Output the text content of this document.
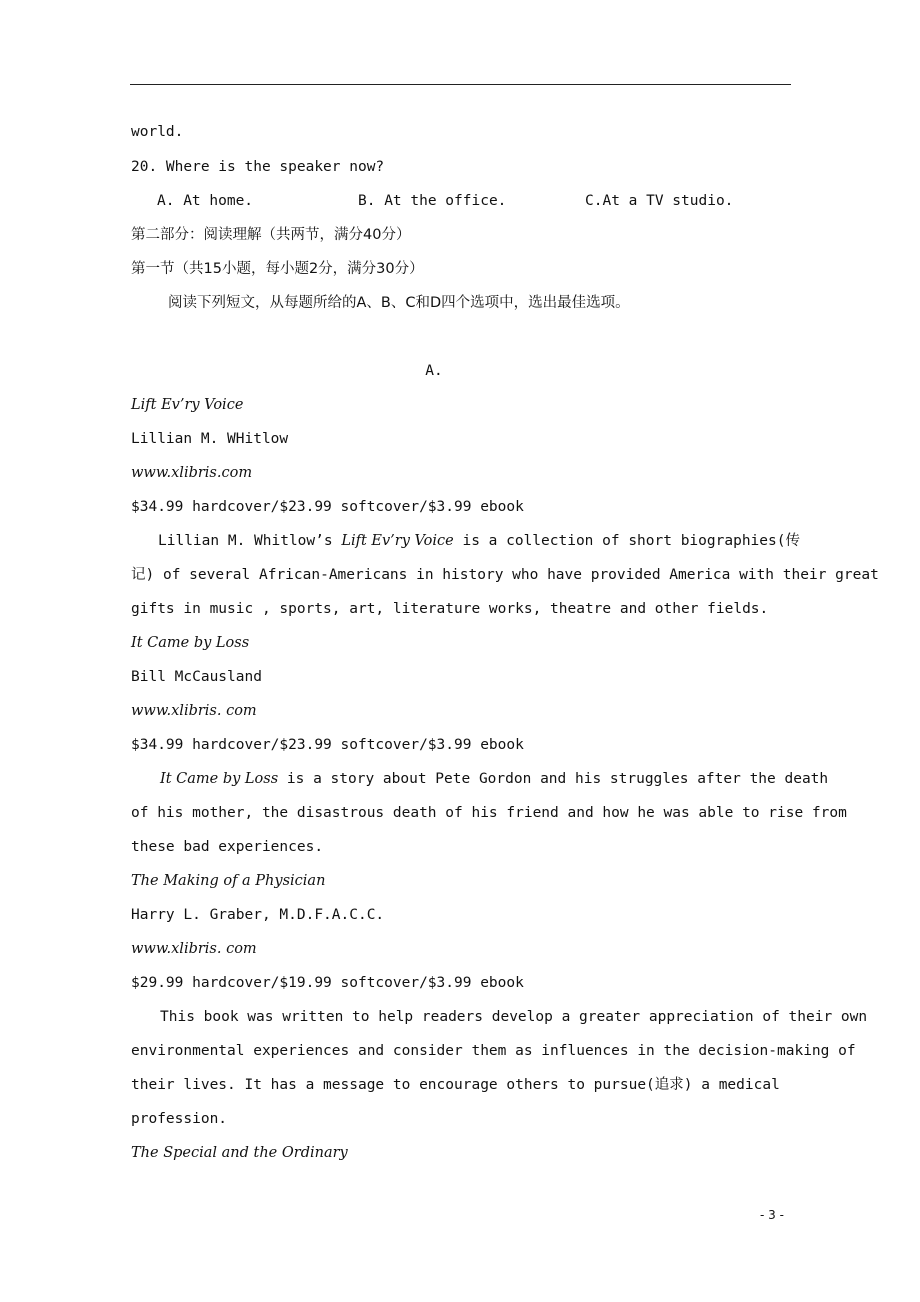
world.
20. Where is the speaker now?
A. At home.	B. At the office.	C.At a TV studio.
第二部分：阅读理解（共两节，满分40分）
第一节（共15小题，每小题2分，满分30分）
阅读下列短文，从每题所给的A、B、C和D四个选项中，选出最佳选项。
A.
Lift Ev’ry Voice
Lillian M. WHitlow
www.xlibris.com
$34.99 hardcover/$23.99 softcover/$3.99 ebook
Lillian M. Whitlow’s Lift Ev’ry Voice is a collection of short biographies(传
记) of several African-Americans in history who have provided America with their great
gifts in music , sports, art, literature works, theatre and other fields.
It Came by Loss
Bill McCausland
www.xlibris. com
$34.99 hardcover/$23.99 softcover/$3.99 ebook
It Came by Loss is a story about Pete Gordon and his struggles after the death
of his mother, the disastrous death of his friend and how he was able to rise from
these bad experiences.
The Making of a Physician
Harry L. Graber, M.D.F.A.C.C.
www.xlibris. com
$29.99 hardcover/$19.99 softcover/$3.99 ebook
This book was written to help readers develop a greater appreciation of their own
environmental experiences and consider them as influences in the decision-making of
their lives. It has a message to encourage others to pursue(追求) a medical
profession.
The Special and the Ordinary
- 3 -
